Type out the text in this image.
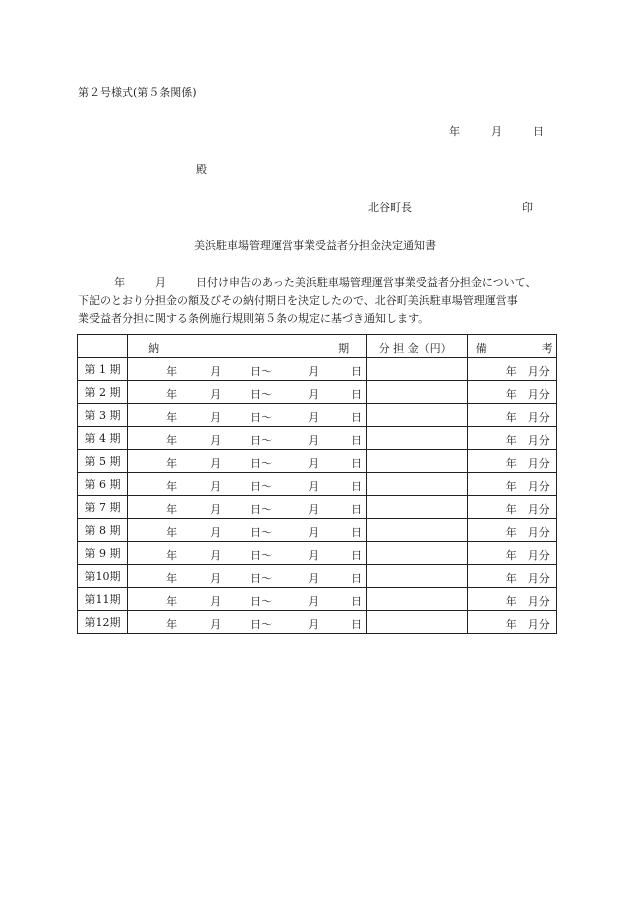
第２号様式(第５条関係)
年	月	日
殿
北谷町長	印
美浜駐車場管理運営事業受益者分担金決定通知書
年	月	日付け申告のあった美浜駐車場管理運営事業受益者分担金について、
下記のとおり分担金の額及びその納付期日を決定したので、北谷町美浜駐車場管理運営事
業受益者分担に関する条例施行規則第５条の規定に基づき通知します。

	納 期	分 担 金（円）	備 考

第 1 期	年 月 日～ 月 日		年 月分

第 2 期	年 月 日～ 月 日		年 月分

第 3 期	年 月 日～ 月 日		年 月分

第 4 期	年 月 日～ 月 日		年 月分

第 5 期	年 月 日～ 月 日		年 月分

第 6 期	年 月 日～ 月 日		年 月分

第 7 期	年 月 日～ 月 日		年 月分

第 8 期	年 月 日～ 月 日		年 月分

第 9 期	年 月 日～ 月 日		年 月分

第10期	年 月 日～ 月 日		年 月分

第11期	年 月 日～ 月 日		年 月分

第12期	年 月 日～ 月 日		年 月分
